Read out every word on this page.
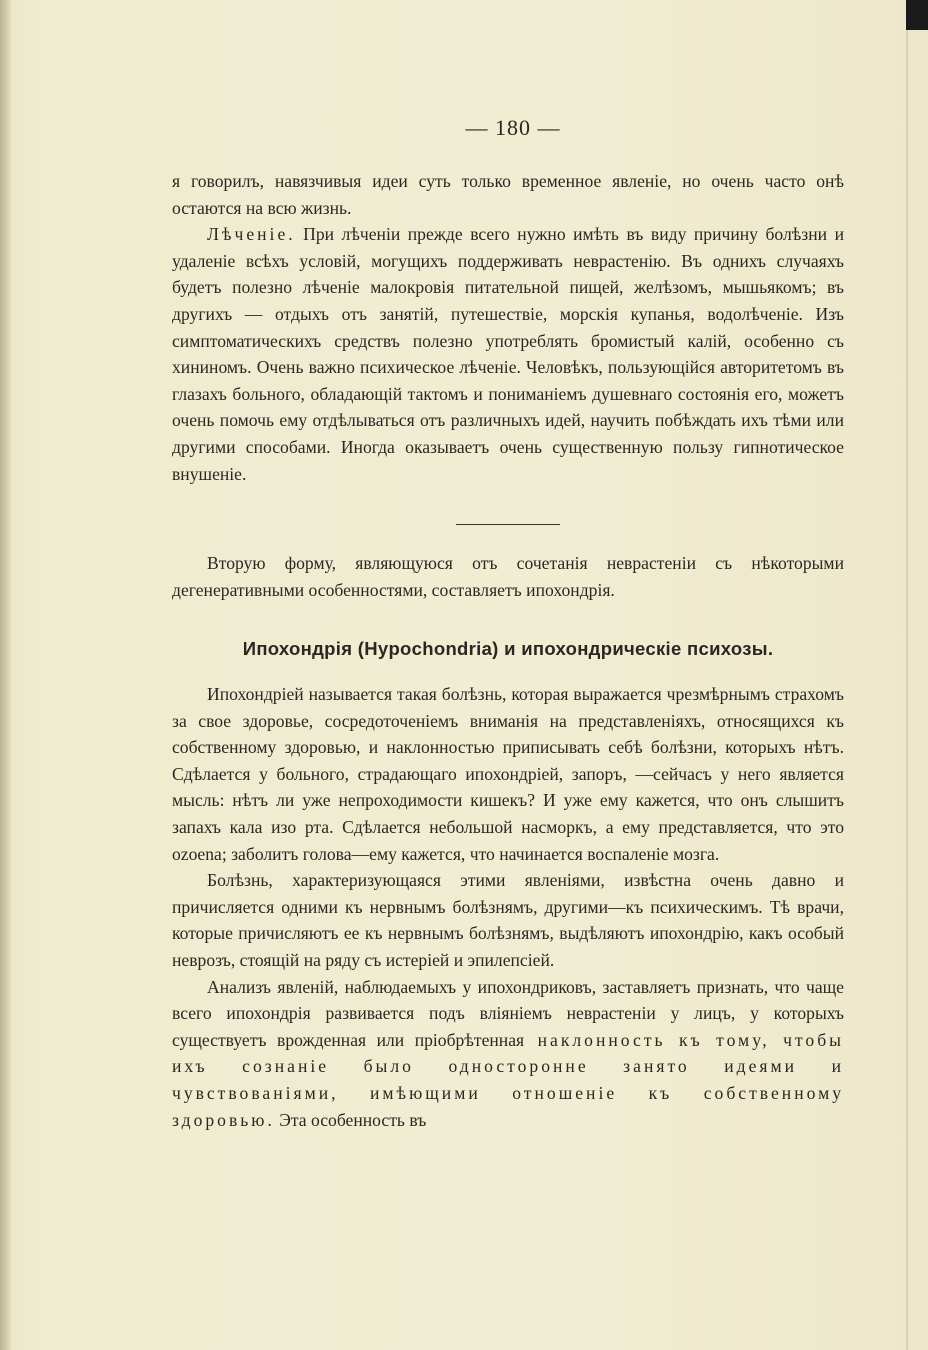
— 180 —

я говорилъ, навязчивыя идеи суть только временное явленіе, но очень часто онѣ остаются на всю жизнь.

Лѣченіе. При лѣченіи прежде всего нужно имѣть въ виду причину болѣзни и удаленіе всѣхъ условій, могущихъ поддерживать неврастенію. Въ однихъ случаяхъ будетъ полезно лѣченіе малокровія питательной пищей, желѣзомъ, мышьякомъ; въ другихъ — отдыхъ отъ занятій, путешествіе, морскія купанья, водолѣченіе. Изъ симптоматическихъ средствъ полезно употреблять бромистый калій, особенно съ хининомъ. Очень важно психическое лѣченіе. Человѣкъ, пользующійся авторитетомъ въ глазахъ больного, обладающій тактомъ и пониманіемъ душевнаго состоянія его, можетъ очень помочь ему отдѣлываться отъ различныхъ идей, научить побѣждать ихъ тѣми или другими способами. Иногда оказываетъ очень существенную пользу гипнотическое внушеніе.

Вторую форму, являющуюся отъ сочетанія неврастеніи съ нѣкоторыми дегенеративными особенностями, составляетъ ипохондрія.

Ипохондрія (Hypochondria) и ипохондрическіе психозы.

Ипохондріей называется такая болѣзнь, которая выражается чрезмѣрнымъ страхомъ за свое здоровье, сосредоточеніемъ вниманія на представленіяхъ, относящихся къ собственному здоровью, и наклонностью приписывать себѣ болѣзни, которыхъ нѣтъ. Сдѣлается у больного, страдающаго ипохондріей, запоръ, —сейчасъ у него является мысль: нѣтъ ли уже непроходимости кишекъ? И уже ему кажется, что онъ слышитъ запахъ кала изо рта. Сдѣлается небольшой насморкъ, а ему представляется, что это ozoena; заболитъ голова—ему кажется, что начинается воспаленіе мозга.

Болѣзнь, характеризующаяся этими явленіями, извѣстна очень давно и причисляется одними къ нервнымъ болѣзнямъ, другими—къ психическимъ. Тѣ врачи, которые причисляютъ ее къ нервнымъ болѣзнямъ, выдѣляютъ ипохондрію, какъ особый неврозъ, стоящій на ряду съ истеріей и эпилепсіей.

Анализъ явленій, наблюдаемыхъ у ипохондриковъ, заставляетъ признать, что чаще всего ипохондрія развивается подъ вліяніемъ неврастеніи у лицъ, у которыхъ существуетъ врожденная или пріобрѣтенная наклонность къ тому, чтобы ихъ сознаніе было односторонне занято идеями и чувствованіями, имѣющими отношеніе къ собственному здоровью. Эта особенность въ
